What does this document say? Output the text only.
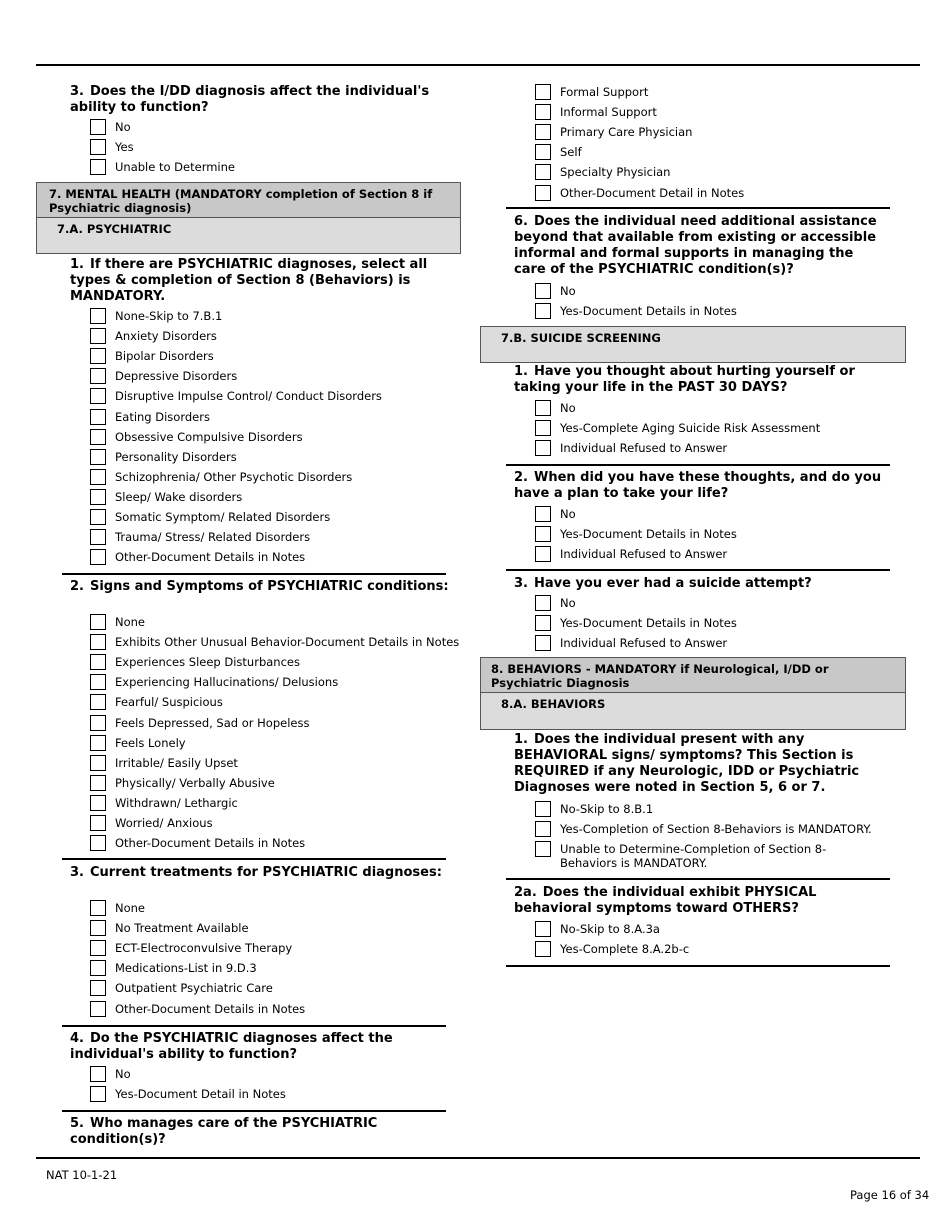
3. Does the I/DD diagnosis affect the individual's ability to function?
No
Yes
Unable to Determine
7. MENTAL HEALTH (MANDATORY completion of Section 8 if Psychiatric diagnosis)
7.A. PSYCHIATRIC
1. If there are PSYCHIATRIC diagnoses, select all types & completion of Section 8 (Behaviors) is MANDATORY.
None-Skip to 7.B.1
Anxiety Disorders
Bipolar Disorders
Depressive Disorders
Disruptive Impulse Control/ Conduct Disorders
Eating Disorders
Obsessive Compulsive Disorders
Personality Disorders
Schizophrenia/ Other Psychotic Disorders
Sleep/ Wake disorders
Somatic Symptom/ Related Disorders
Trauma/ Stress/ Related Disorders
Other-Document Details in Notes
2. Signs and Symptoms of PSYCHIATRIC conditions:
None
Exhibits Other Unusual Behavior-Document Details in Notes
Experiences Sleep Disturbances
Experiencing Hallucinations/ Delusions
Fearful/ Suspicious
Feels Depressed, Sad or Hopeless
Feels Lonely
Irritable/ Easily Upset
Physically/ Verbally Abusive
Withdrawn/ Lethargic
Worried/ Anxious
Other-Document Details in Notes
3. Current treatments for PSYCHIATRIC diagnoses:
None
No Treatment Available
ECT-Electroconvulsive Therapy
Medications-List in 9.D.3
Outpatient Psychiatric Care
Other-Document Details in Notes
4. Do the PSYCHIATRIC diagnoses affect the individual's ability to function?
No
Yes-Document Detail in Notes
5. Who manages care of the PSYCHIATRIC condition(s)?
Formal Support
Informal Support
Primary Care Physician
Self
Specialty Physician
Other-Document Detail in Notes
6. Does the individual need additional assistance beyond that available from existing or accessible informal and formal supports in managing the care of the PSYCHIATRIC condition(s)?
No
Yes-Document Details in Notes
7.B. SUICIDE SCREENING
1. Have you thought about hurting yourself or taking your life in the PAST 30 DAYS?
No
Yes-Complete Aging Suicide Risk Assessment
Individual Refused to Answer
2. When did you have these thoughts, and do you have a plan to take your life?
No
Yes-Document Details in Notes
Individual Refused to Answer
3. Have you ever had a suicide attempt?
No
Yes-Document Details in Notes
Individual Refused to Answer
8. BEHAVIORS - MANDATORY if Neurological, I/DD or Psychiatric Diagnosis
8.A. BEHAVIORS
1. Does the individual present with any BEHAVIORAL signs/ symptoms? This Section is REQUIRED if any Neurologic, IDD or Psychiatric Diagnoses were noted in Section 5, 6 or 7.
No-Skip to 8.B.1
Yes-Completion of Section 8-Behaviors is MANDATORY.
Unable to Determine-Completion of Section 8-Behaviors is MANDATORY.
2a. Does the individual exhibit PHYSICAL behavioral symptoms toward OTHERS?
No-Skip to 8.A.3a
Yes-Complete 8.A.2b-c
NAT 10-1-21
Page 16 of 34
